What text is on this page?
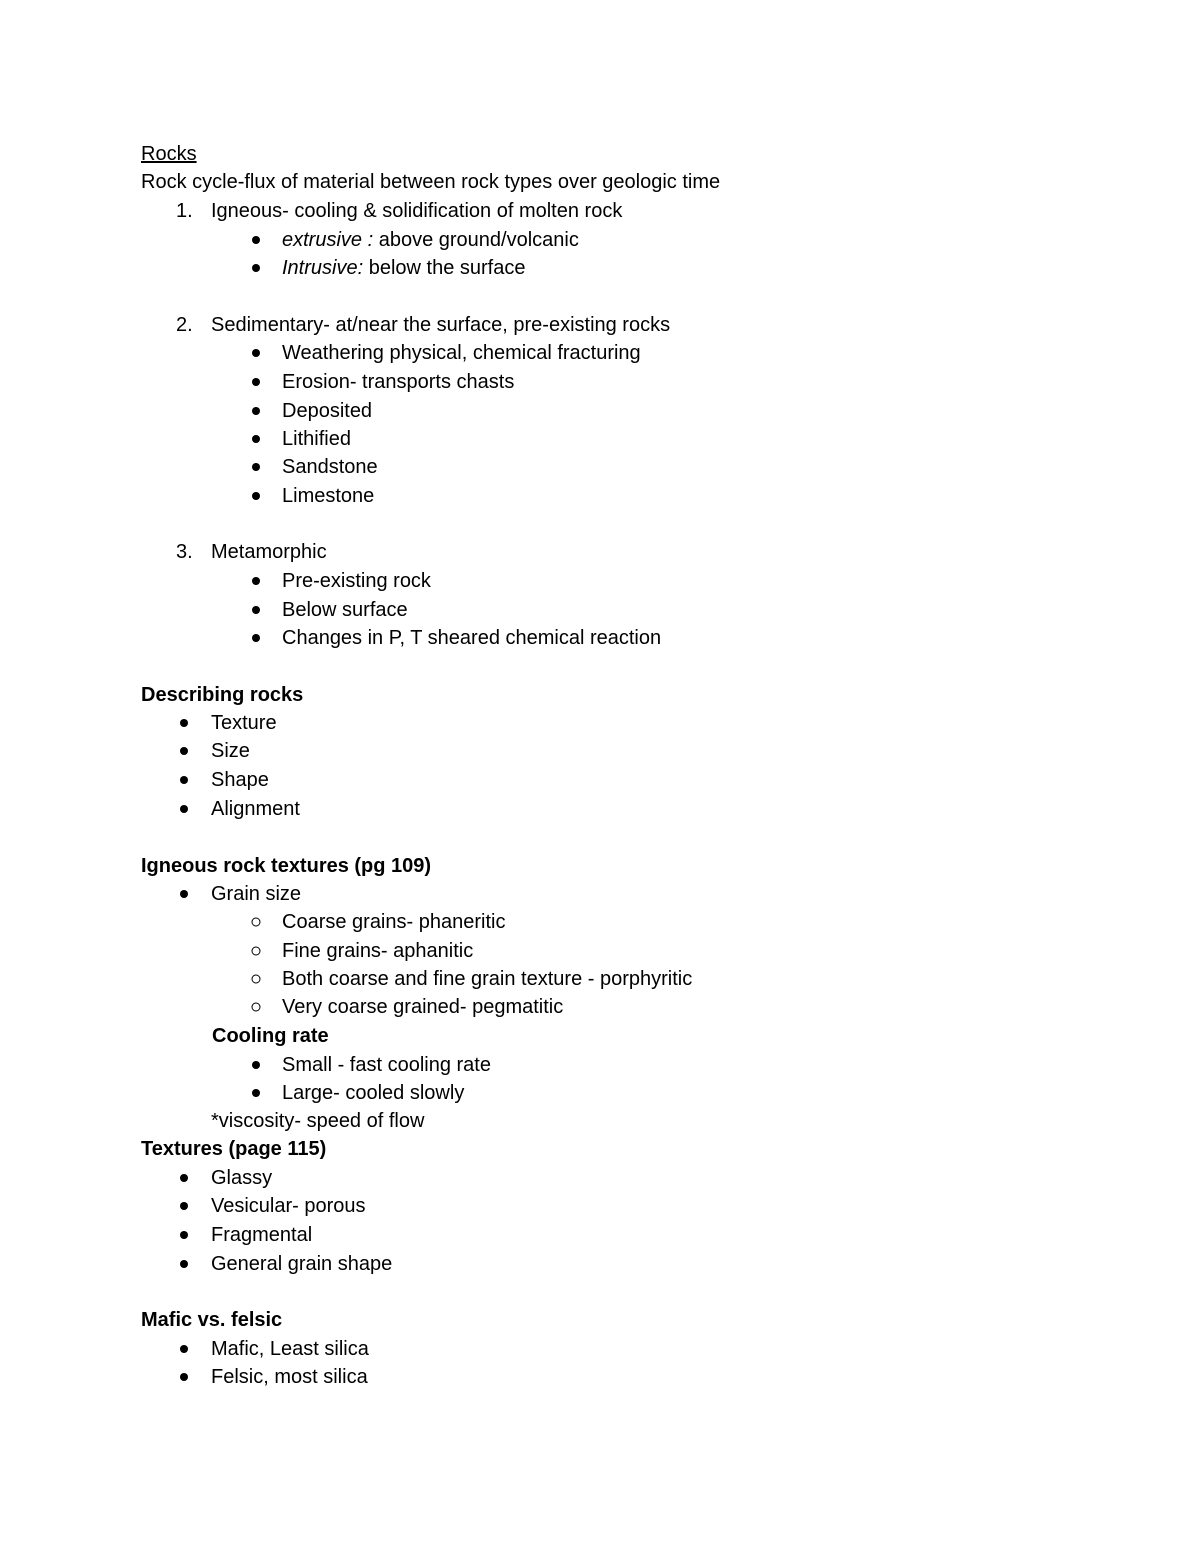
Rocks
Rock cycle-flux of material between rock types over geologic time
1. Igneous- cooling & solidification of molten rock
extrusive : above ground/volcanic
Intrusive: below the surface
2. Sedimentary- at/near the surface, pre-existing rocks
Weathering physical, chemical fracturing
Erosion- transports chasts
Deposited
Lithified
Sandstone
Limestone
3. Metamorphic
Pre-existing rock
Below surface
Changes in P, T sheared chemical reaction
Describing rocks
Texture
Size
Shape
Alignment
Igneous rock textures (pg 109)
Grain size
Coarse grains- phaneritic
Fine grains- aphanitic
Both coarse and fine grain texture - porphyritic
Very coarse grained- pegmatitic
Cooling rate
Small - fast cooling rate
Large- cooled slowly
*viscosity- speed of flow
Textures (page 115)
Glassy
Vesicular- porous
Fragmental
General grain shape
Mafic vs. felsic
Mafic, Least silica
Felsic, most silica
